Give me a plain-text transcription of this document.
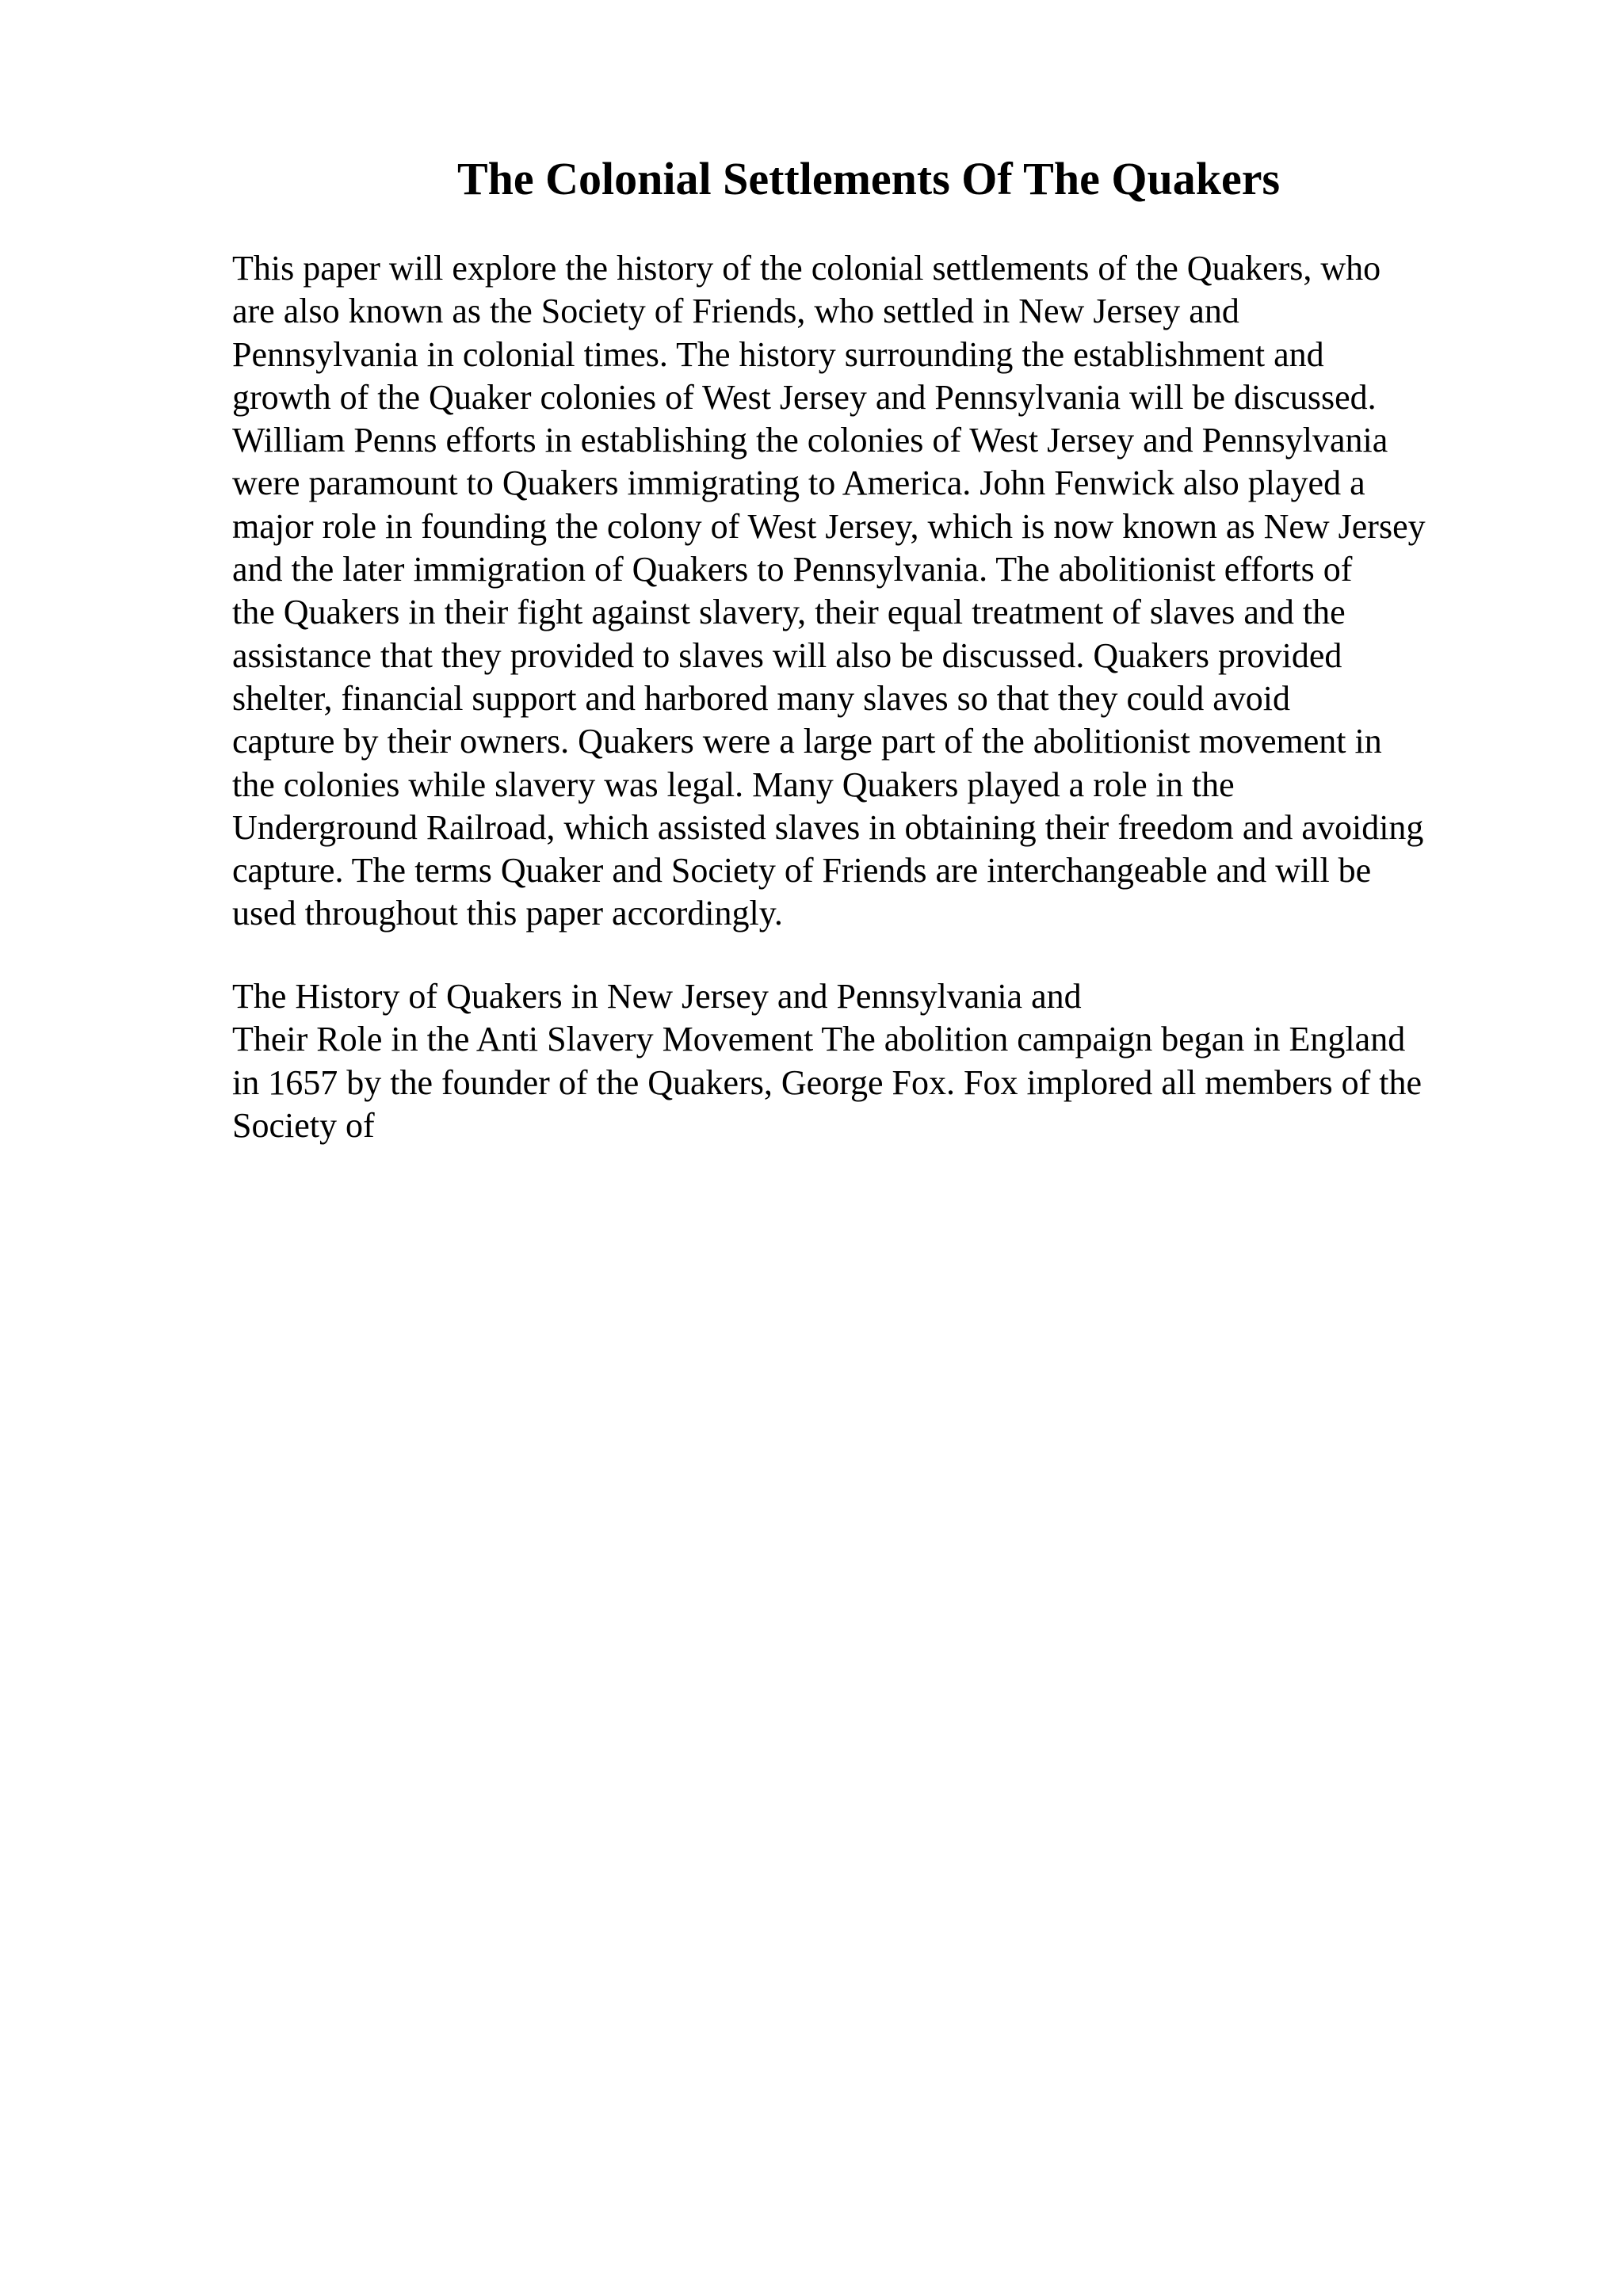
The Colonial Settlements Of The Quakers
This paper will explore the history of the colonial settlements of the Quakers, who
are also known as the Society of Friends, who settled in New Jersey and
Pennsylvania in colonial times. The history surrounding the establishment and
growth of the Quaker colonies of West Jersey and Pennsylvania will be discussed.
William Penns efforts in establishing the colonies of West Jersey and Pennsylvania
were paramount to Quakers immigrating to America. John Fenwick also played a
major role in founding the colony of West Jersey, which is now known as New Jersey
and the later immigration of Quakers to Pennsylvania. The abolitionist efforts of
the Quakers in their fight against slavery, their equal treatment of slaves and the
assistance that they provided to slaves will also be discussed. Quakers provided
shelter, financial support and harbored many slaves so that they could avoid
capture by their owners. Quakers were a large part of the abolitionist movement in
the colonies while slavery was legal. Many Quakers played a role in the
Underground Railroad, which assisted slaves in obtaining their freedom and avoiding
capture. The terms Quaker and Society of Friends are interchangeable and will be
used throughout this paper accordingly.
The History of Quakers in New Jersey and Pennsylvania and
Their Role in the Anti Slavery Movement The abolition campaign began in England
in 1657 by the founder of the Quakers, George Fox. Fox implored all members of the
Society of
